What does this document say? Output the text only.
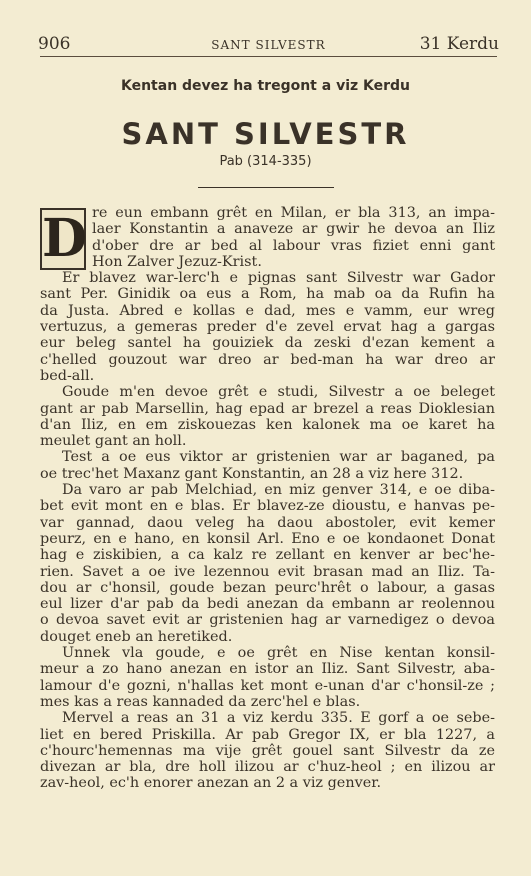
906	SANT SILVESTR	31 Kerdu
Kentan devez ha tregont a viz Kerdu
SANT SILVESTR
Pab (314-335)
D re eun embann grêt en Milan, er bla 313, an impa-
laer Konstantin a anaveze ar gwir he devoa an Iliz
d'ober dre ar bed al labour vras fiziet enni gant
Hon Zalver Jezuz-Krist.
Er blavez war-lerc'h e pignas sant Silvestr war Gador
sant Per. Ginidik oa eus a Rom, ha mab oa da Rufin ha
da Justa. Abred e kollas e dad, mes e vamm, eur wreg
vertuzus, a gemeras preder d'e zevel ervat hag a gargas
eur beleg santel ha gouiziek da zeski d'ezan kement a
c'helled gouzout war dreo ar bed-man ha war dreo ar
bed-all.
Goude m'en devoe grêt e studi, Silvestr a oe beleget
gant ar pab Marsellin, hag epad ar brezel a reas Dioklesian
d'an Iliz, en em ziskouezas ken kalonek ma oe karet ha
meulet gant an holl.
Test a oe eus viktor ar gristenien war ar baganed, pa
oe trec'het Maxanz gant Konstantin, an 28 a viz here 312.
Da varo ar pab Melchiad, en miz genver 314, e oe diba-
bet evit mont en e blas. Er blavez-ze dioustu, e hanvas pe-
var gannad, daou veleg ha daou abostoler, evit kemer
peurz, en e hano, en konsil Arl. Eno e oe kondaonet Donat
hag e ziskibien, a ca kalz re zellant en kenver ar bec'he-
rien. Savet a oe ive lezennou evit brasan mad an Iliz. Ta-
dou ar c'honsil, goude bezan peurc'hrêt o labour, a gasas
eul lizer d'ar pab da bedi anezan da embann ar reolennou
o devoa savet evit ar gristenien hag ar varnedigez o devoa
douget eneb an heretiked.
Unnek vla goude, e oe grêt en Nise kentan konsil-
meur a zo hano anezan en istor an Iliz. Sant Silvestr, aba-
lamour d'e gozni, n'hallas ket mont e-unan d'ar c'honsil-ze ;
mes kas a reas kannaded da zerc'hel e blas.
Mervel a reas an 31 a viz kerdu 335. E gorf a oe sebe-
liet en bered Priskilla. Ar pab Gregor IX, er bla 1227, a
c'hourc'hemennas ma vije grêt gouel sant Silvestr da ze
divezan ar bla, dre holl ilizou ar c'huz-heol ; en ilizou ar
zav-heol, ec'h enorer anezan an 2 a viz genver.
